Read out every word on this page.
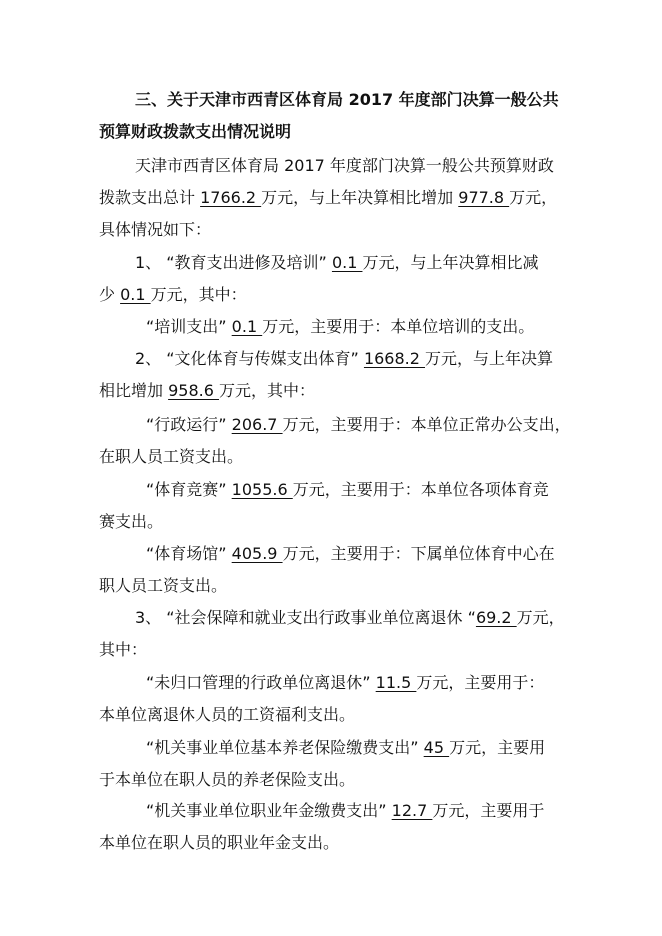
三、关于天津市西青区体育局 2017 年度部门决算一般公共
预算财政拨款支出情况说明
天津市西青区体育局 2017 年度部门决算一般公共预算财政
拨款支出总计 1766.2 万元，与上年决算相比增加 977.8 万元，
具体情况如下：
1、 “教育支出进修及培训” 0.1 万元，与上年决算相比减
少 0.1 万元，其中：
“培训支出” 0.1 万元，主要用于：本单位培训的支出。
2、 “文化体育与传媒支出体育” 1668.2 万元，与上年决算
相比增加 958.6 万元，其中：
“行政运行” 206.7 万元，主要用于：本单位正常办公支出，
在职人员工资支出。
“体育竞赛” 1055.6 万元，主要用于：本单位各项体育竞
赛支出。
“体育场馆” 405.9 万元，主要用于：下属单位体育中心在
职人员工资支出。
3、 “社会保障和就业支出行政事业单位离退休 “69.2 万元，
其中：
“未归口管理的行政单位离退休” 11.5 万元，主要用于：
本单位离退休人员的工资福利支出。
“机关事业单位基本养老保险缴费支出” 45 万元，主要用
于本单位在职人员的养老保险支出。
“机关事业单位职业年金缴费支出” 12.7 万元，主要用于
本单位在职人员的职业年金支出。
